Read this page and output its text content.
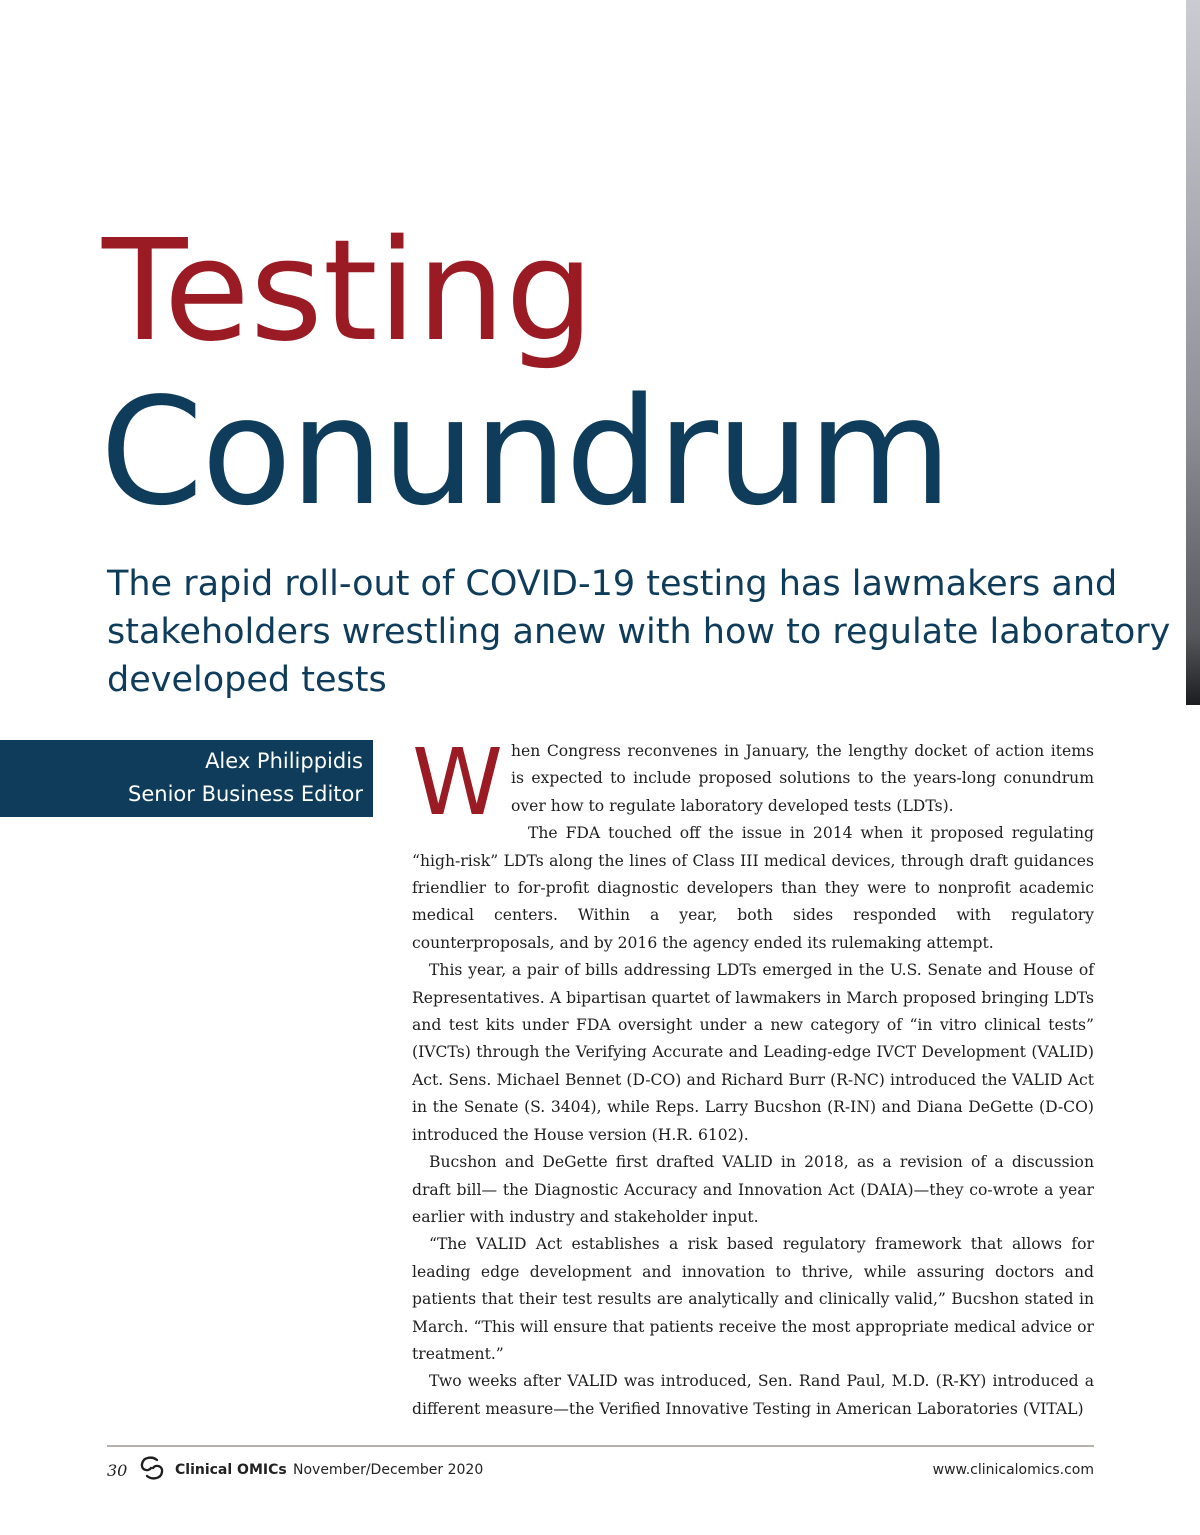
Testing
Conundrum

The rapid roll-out of COVID-19 testing has lawmakers and stakeholders wrestling anew with how to regulate laboratory developed tests

Alex Philippidis
Senior Business Editor When Congress reconvenes in January, the lengthy docket of action items is expected to include proposed solutions to the years-long conundrum over how to regulate laboratory developed tests (LDTs).

The FDA touched off the issue in 2014 when it proposed regulating “high-risk” LDTs along the lines of Class III medical devices, through draft guidances friendlier to for-profit diagnostic developers than they were to nonprofit academic medical centers. Within a year, both sides responded with regulatory counterproposals, and by 2016 the agency ended its rulemaking attempt.

This year, a pair of bills addressing LDTs emerged in the U.S. Senate and House of Representatives. A bipartisan quartet of lawmakers in March proposed bringing LDTs and test kits under FDA oversight under a new category of “in vitro clinical tests” (IVCTs) through the Verifying Accurate and Leading-edge IVCT Development (VALID) Act. Sens. Michael Bennet (D-CO) and Richard Burr (R-NC) introduced the VALID Act in the Senate (S. 3404), while Reps. Larry Bucshon (R-IN) and Diana DeGette (D-CO) introduced the House version (H.R. 6102).

Bucshon and DeGette first drafted VALID in 2018, as a revision of a discussion draft bill— the Diagnostic Accuracy and Innovation Act (DAIA)—they co-wrote a year earlier with industry and stakeholder input.

“The VALID Act establishes a risk based regulatory framework that allows for leading edge development and innovation to thrive, while assuring doctors and patients that their test results are analytically and clinically valid,” Bucshon stated in March. “This will ensure that patients receive the most appropriate medical advice or treatment.”

Two weeks after VALID was introduced, Sen. Rand Paul, M.D. (R-KY) introduced a different measure—the Verified Innovative Testing in American Laboratories (VITAL)

30	Clinical OMICs November/December 2020	www.clinicalomics.com
